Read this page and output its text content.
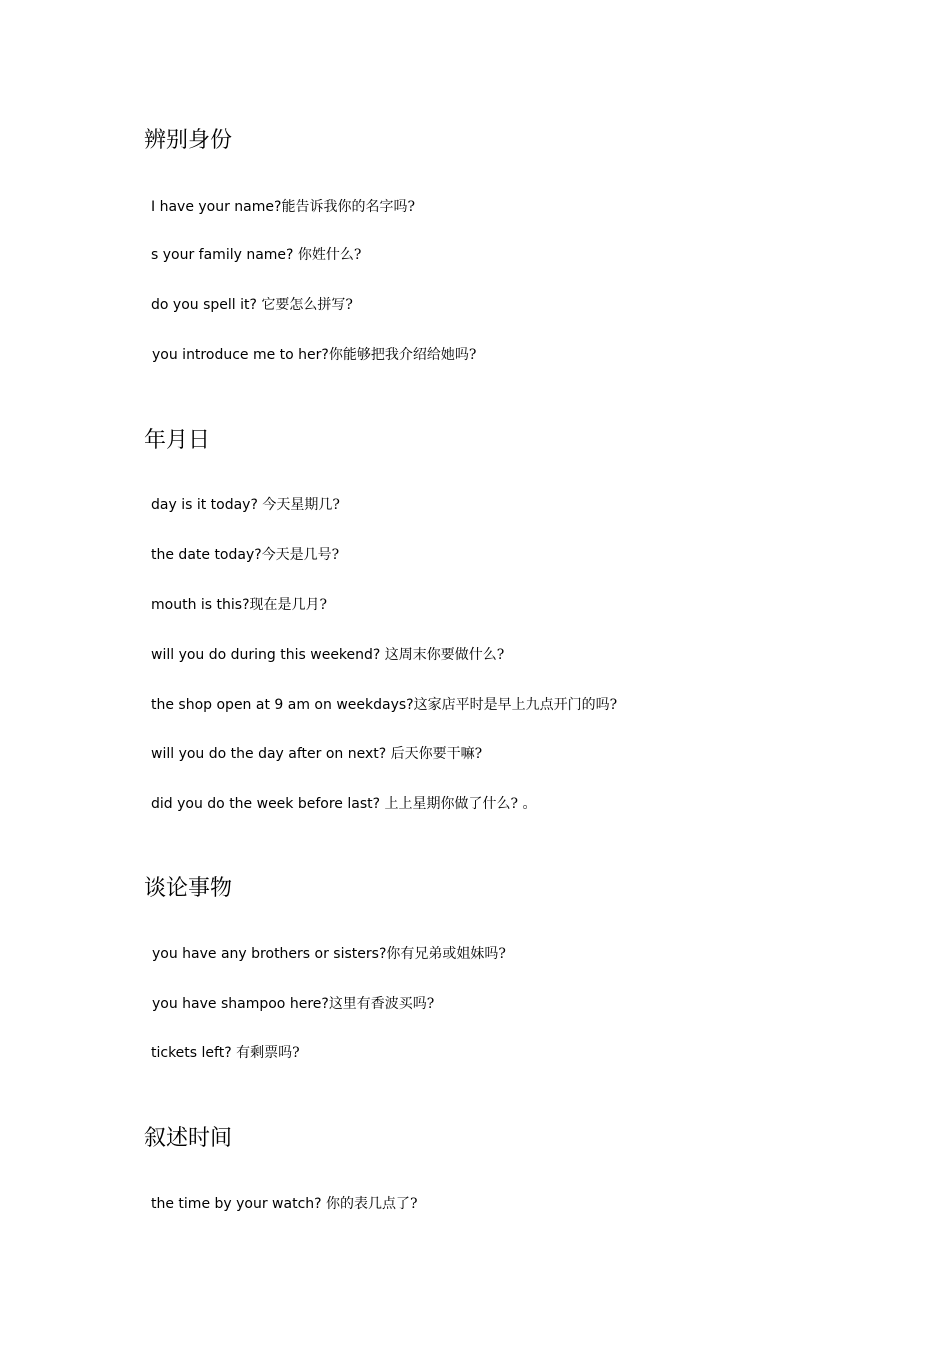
辨别身份

I have your name?能告诉我你的名字吗?

s your family name? 你姓什么?

do you spell it? 它要怎么拼写?

you introduce me to her?你能够把我介绍给她吗?

年月日

day is it today? 今天星期几?

the date today?今天是几号?

mouth is this?现在是几月?

will you do during this weekend? 这周末你要做什么?

the shop open at 9 am on weekdays?这家店平时是早上九点开门的吗?

will you do the day after on next? 后天你要干嘛?

did you do the week before last? 上上星期你做了什么? 。

谈论事物

you have any brothers or sisters?你有兄弟或姐妹吗?

you have shampoo here?这里有香波买吗?

tickets left? 有剩票吗?

叙述时间

the time by your watch? 你的表几点了?
